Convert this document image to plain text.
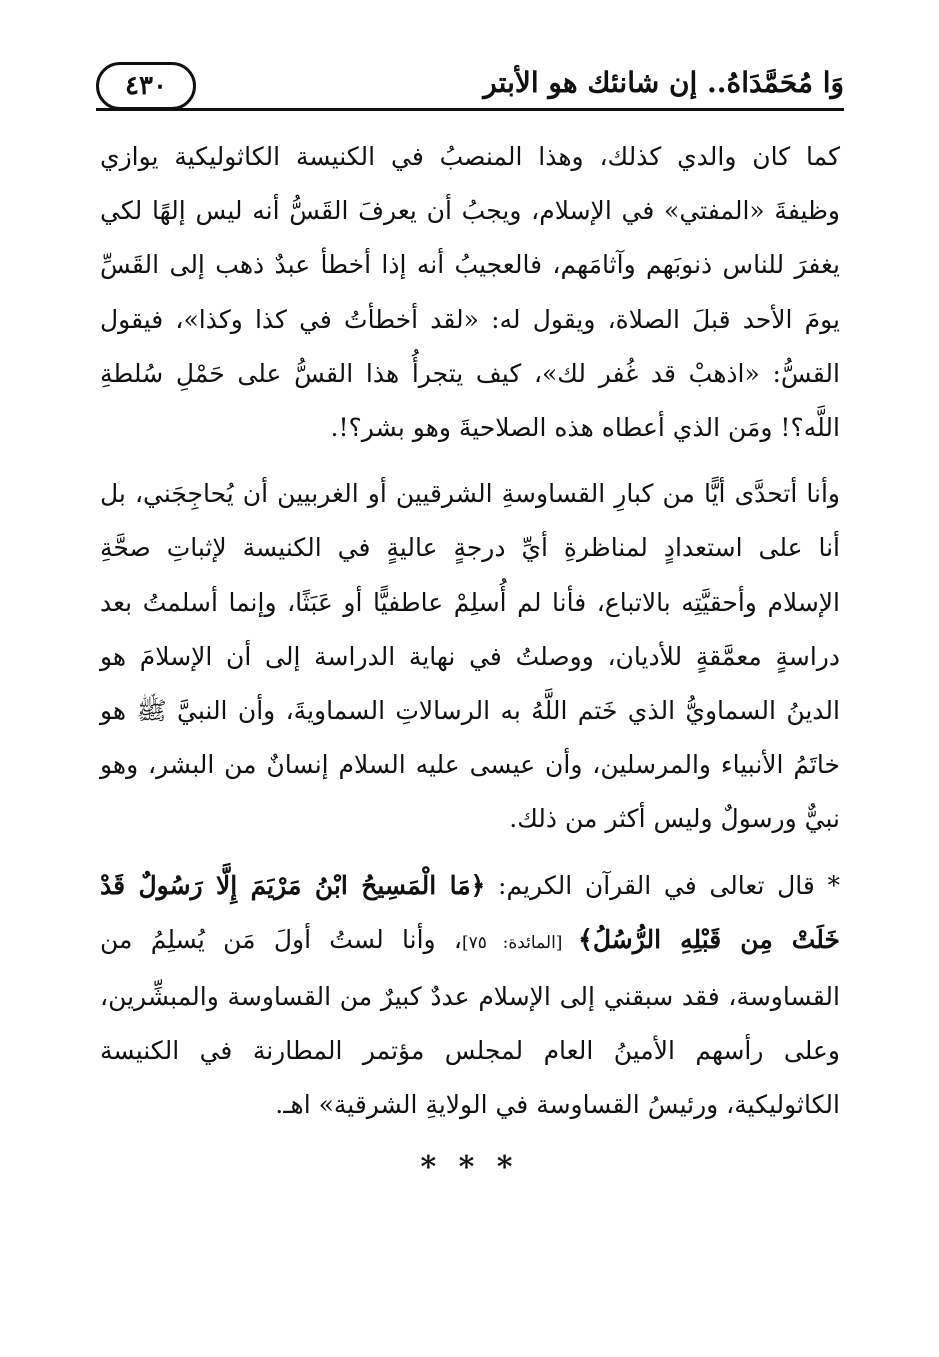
٤٣٠	وَا مُحَمَّدَاهُ.. إن شانئك هو الأبتر

كما كان والدي كذلك، وهذا المنصبُ في الكنيسة الكاثوليكية يوازي وظيفةَ «المفتي» في الإسلام، ويجبُ أن يعرفَ القَسُّ أنه ليس إلهًا لكي يغفرَ للناس ذنوبَهم وآثامَهم، فالعجيبُ أنه إذا أخطأ عبدٌ ذهب إلى القَسِّ يومَ الأحد قبلَ الصلاة، ويقول له: «لقد أخطأتُ في كذا وكذا»، فيقول القسُّ: «اذهبْ قد غُفر لك»، كيف يتجرأُ هذا القسُّ على حَمْلِ سُلطةِ اللَّه؟! ومَن الذي أعطاه هذه الصلاحيةَ وهو بشر؟!.

وأنا أتحدَّى أيًّا من كبارِ القساوسةِ الشرقيين أو الغربيين أن يُحاجِجَني، بل أنا على استعدادٍ لمناظرةِ أيِّ درجةٍ عاليةٍ في الكنيسة لإثباتِ صحَّةِ الإسلام وأحقيَّتِه بالاتباع، فأنا لم أُسلِمْ عاطفيًّا أو عَبَثًا، وإنما أسلمتُ بعد دراسةٍ معمَّقةٍ للأديان، ووصلتُ في نهاية الدراسة إلى أن الإسلامَ هو الدينُ السماويُّ الذي خَتم اللَّهُ به الرسالاتِ السماويةَ، وأن النبيَّ ﷺ هو خاتَمُ الأنبياء والمرسلين، وأن عيسى عليه السلام إنسانٌ من البشر، وهو نبيٌّ ورسولٌ وليس أكثر من ذلك.

* قال تعالى في القرآن الكريم: ﴿مَا الْمَسِيحُ ابْنُ مَرْيَمَ إِلَّا رَسُولٌ قَدْ خَلَتْ مِن قَبْلِهِ الرُّسُلُ﴾ [المائدة: ٧٥]، وأنا لستُ أولَ مَن يُسلِمُ من القساوسة، فقد سبقني إلى الإسلام عددٌ كبيرٌ من القساوسة والمبشِّرين، وعلى رأسهم الأمينُ العام لمجلس مؤتمر المطارنة في الكنيسة الكاثوليكية، ورئيسُ القساوسة في الولايةِ الشرقية» اهـ.

* * *
